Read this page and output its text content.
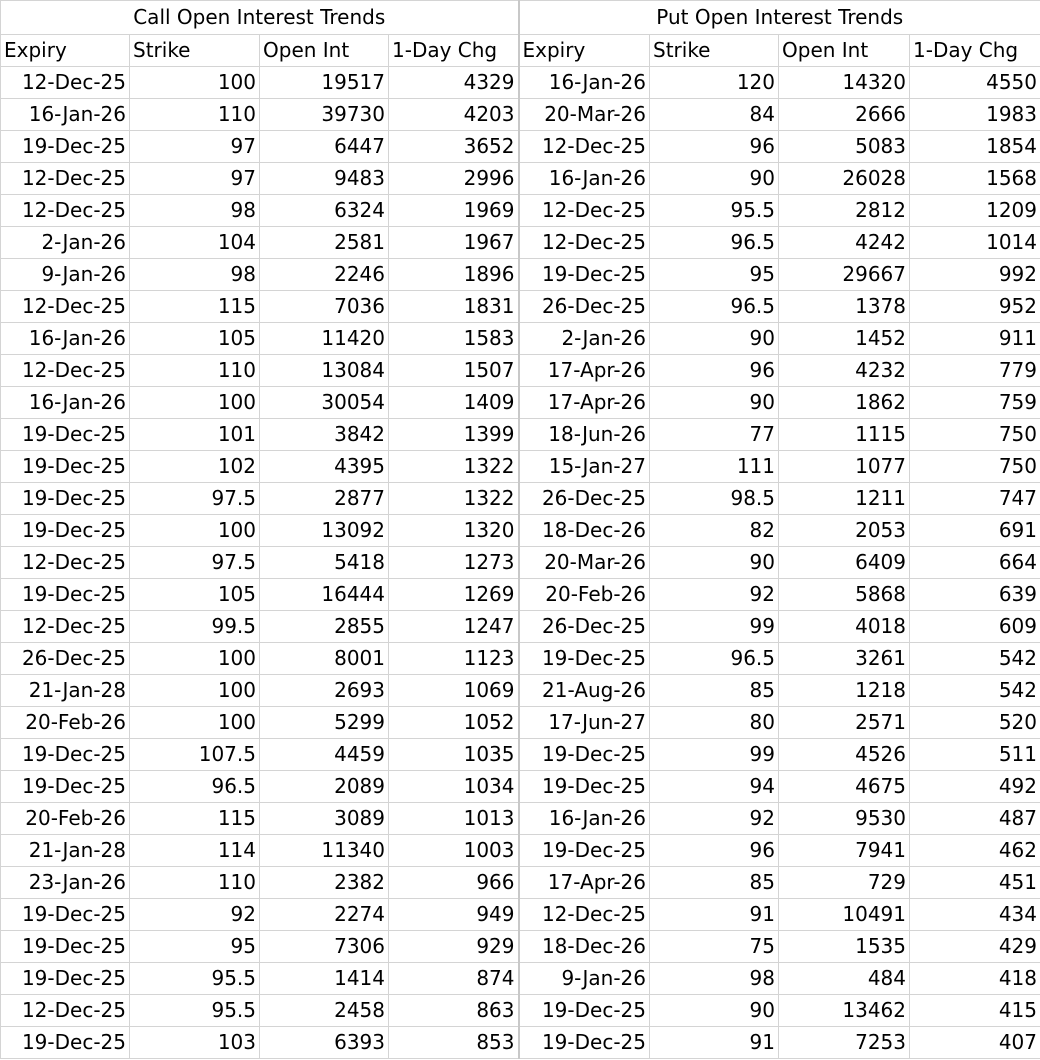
Call Open Interest Trends				Put Open Interest Trends			
Expiry	Strike	Open Int	1-Day Chg	Expiry	Strike	Open Int	1-Day Chg
12-Dec-25	100	19517	4329	16-Jan-26	120	14320	4550
16-Jan-26	110	39730	4203	20-Mar-26	84	2666	1983
19-Dec-25	97	6447	3652	12-Dec-25	96	5083	1854
12-Dec-25	97	9483	2996	16-Jan-26	90	26028	1568
12-Dec-25	98	6324	1969	12-Dec-25	95.5	2812	1209
2-Jan-26	104	2581	1967	12-Dec-25	96.5	4242	1014
9-Jan-26	98	2246	1896	19-Dec-25	95	29667	992
12-Dec-25	115	7036	1831	26-Dec-25	96.5	1378	952
16-Jan-26	105	11420	1583	2-Jan-26	90	1452	911
12-Dec-25	110	13084	1507	17-Apr-26	96	4232	779
16-Jan-26	100	30054	1409	17-Apr-26	90	1862	759
19-Dec-25	101	3842	1399	18-Jun-26	77	1115	750
19-Dec-25	102	4395	1322	15-Jan-27	111	1077	750
19-Dec-25	97.5	2877	1322	26-Dec-25	98.5	1211	747
19-Dec-25	100	13092	1320	18-Dec-26	82	2053	691
12-Dec-25	97.5	5418	1273	20-Mar-26	90	6409	664
19-Dec-25	105	16444	1269	20-Feb-26	92	5868	639
12-Dec-25	99.5	2855	1247	26-Dec-25	99	4018	609
26-Dec-25	100	8001	1123	19-Dec-25	96.5	3261	542
21-Jan-28	100	2693	1069	21-Aug-26	85	1218	542
20-Feb-26	100	5299	1052	17-Jun-27	80	2571	520
19-Dec-25	107.5	4459	1035	19-Dec-25	99	4526	511
19-Dec-25	96.5	2089	1034	19-Dec-25	94	4675	492
20-Feb-26	115	3089	1013	16-Jan-26	92	9530	487
21-Jan-28	114	11340	1003	19-Dec-25	96	7941	462
23-Jan-26	110	2382	966	17-Apr-26	85	729	451
19-Dec-25	92	2274	949	12-Dec-25	91	10491	434
19-Dec-25	95	7306	929	18-Dec-26	75	1535	429
19-Dec-25	95.5	1414	874	9-Jan-26	98	484	418
12-Dec-25	95.5	2458	863	19-Dec-25	90	13462	415
19-Dec-25	103	6393	853	19-Dec-25	91	7253	407
